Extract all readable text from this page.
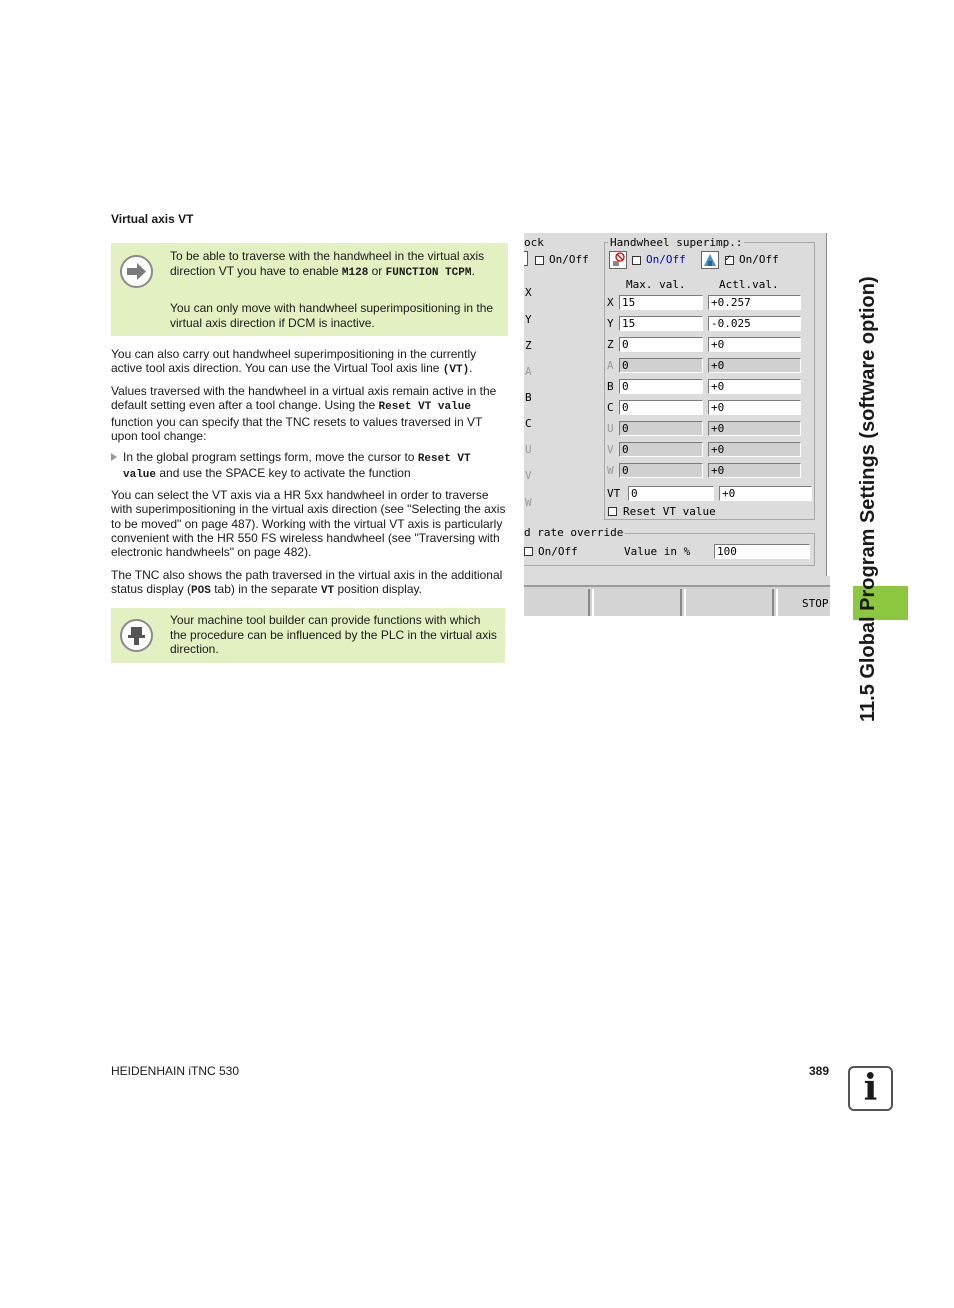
Virtual axis VT
To be able to traverse with the handwheel in the virtual axis direction VT you have to enable M128 or FUNCTION TCPM.
You can only move with handwheel superimpositioning in the virtual axis direction if DCM is inactive.
You can also carry out handwheel superimpositioning in the currently active tool axis direction. You can use the Virtual Tool axis line (VT).
Values traversed with the handwheel in a virtual axis remain active in the default setting even after a tool change. Using the Reset VT value function you can specify that the TNC resets to values traversed in VT upon tool change:
In the global program settings form, move the cursor to Reset VT
value and use the SPACE key to activate the function
You can select the VT axis via a HR 5xx handwheel in order to traverse with superimpositioning in the virtual axis direction (see "Selecting the axis to be moved" on page 487). Working with the virtual VT axis is particularly convenient with the HR 550 FS wireless handwheel (see "Traversing with electronic handwheels" on page 482).
The TNC also shows the path traversed in the virtual axis in the additional status display (POS tab) in the separate VT position display.
Your machine tool builder can provide functions with which the procedure can be influenced by the PLC in the virtual axis direction.
ock
On/Off
X
Y
Z
A
B
C
U
V
W
Handwheel superimp.:
On/Off
✓	On/Off
Max. val.	Actl.val.
X 15	+0.257
Y 15	-0.025
Z 0	+0
A 0	+0
B 0	+0
C 0	+0
U 0	+0
V 0	+0
W 0	+0
VT 0	+0
Reset VT value
d rate override
On/Off	Value in % 100
STOP	11.5 Global Program Settings (software option)
HEIDENHAIN iTNC 530	389 i
